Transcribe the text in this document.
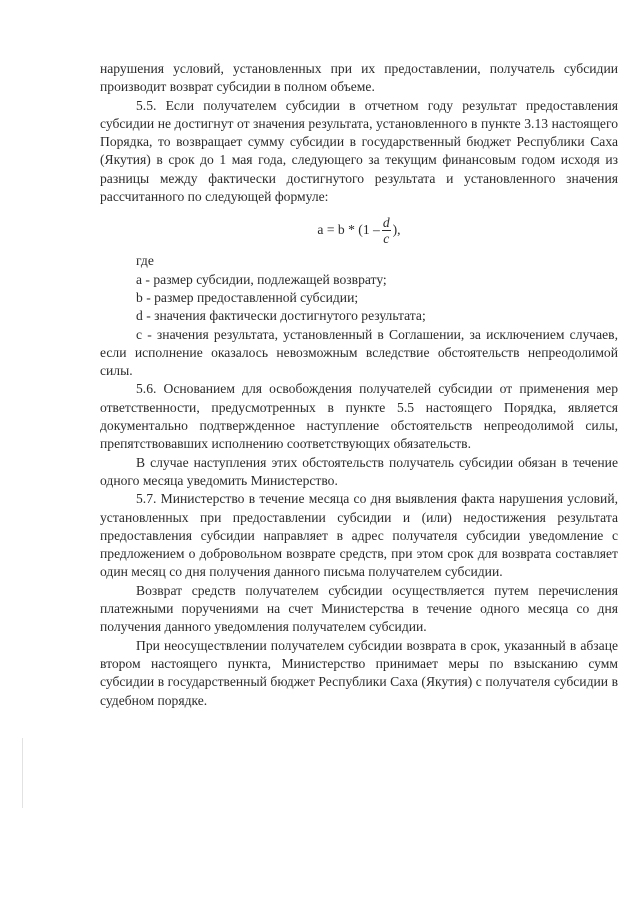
нарушения условий, установленных при их предоставлении, получатель субсидии производит возврат субсидии в полном объеме.

5.5. Если получателем субсидии в отчетном году результат предоставления субсидии не достигнут от значения результата, установленного в пункте 3.13 настоящего Порядка, то возвращает сумму субсидии в государственный бюджет Республики Саха (Якутия) в срок до 1 мая года, следующего за текущим финансовым годом исходя из разницы между фактически достигнутого результата и установленного значения рассчитанного по следующей формуле:

$a = b * (1 - \frac{d}{c}$ ),

где

a - размер субсидии, подлежащей возврату;

b - размер предоставленной субсидии;

d - значения фактически достигнутого результата;

c - значения результата, установленный в Соглашении, за исключением случаев, если исполнение оказалось невозможным вследствие обстоятельств непреодолимой силы.

5.6. Основанием для освобождения получателей субсидии от применения мер ответственности, предусмотренных в пункте 5.5 настоящего Порядка, является документально подтвержденное наступление обстоятельств непреодолимой силы, препятствовавших исполнению соответствующих обязательств.

В случае наступления этих обстоятельств получатель субсидии обязан в течение одного месяца уведомить Министерство.

5.7. Министерство в течение месяца со дня выявления факта нарушения условий, установленных при предоставлении субсидии и (или) недостижения результата предоставления субсидии направляет в адрес получателя субсидии уведомление с предложением о добровольном возврате средств, при этом срок для возврата составляет один месяц со дня получения данного письма получателем субсидии.

Возврат средств получателем субсидии осуществляется путем перечисления платежными поручениями на счет Министерства в течение одного месяца со дня получения данного уведомления получателем субсидии.

При неосуществлении получателем субсидии возврата в срок, указанный в абзаце втором настоящего пункта, Министерство принимает меры по взысканию сумм субсидии в государственный бюджет Республики Саха (Якутия) с получателя субсидии в судебном порядке.
